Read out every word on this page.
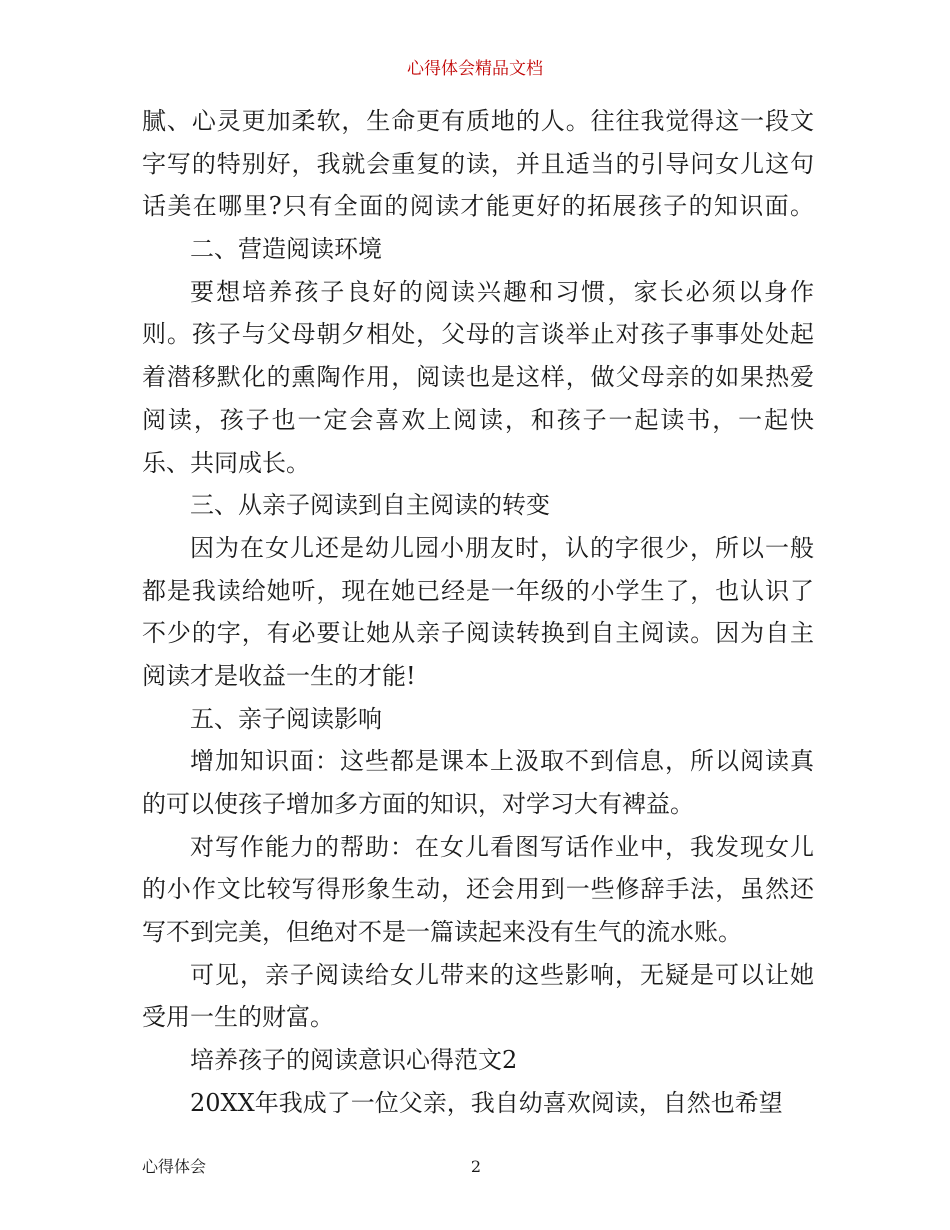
心得体会精品文档
腻、心灵更加柔软，生命更有质地的人。往往我觉得这一段文
字写的特别好，我就会重复的读，并且适当的引导问女儿这句
话美在哪里?只有全面的阅读才能更好的拓展孩子的知识面。
二、营造阅读环境
要想培养孩子良好的阅读兴趣和习惯，家长必须以身作
则。孩子与父母朝夕相处，父母的言谈举止对孩子事事处处起
着潜移默化的熏陶作用，阅读也是这样，做父母亲的如果热爱
阅读，孩子也一定会喜欢上阅读，和孩子一起读书，一起快
乐、共同成长。
三、从亲子阅读到自主阅读的转变
因为在女儿还是幼儿园小朋友时，认的字很少，所以一般
都是我读给她听，现在她已经是一年级的小学生了，也认识了
不少的字，有必要让她从亲子阅读转换到自主阅读。因为自主
阅读才是收益一生的才能!
五、亲子阅读影响
增加知识面：这些都是课本上汲取不到信息，所以阅读真
的可以使孩子增加多方面的知识，对学习大有裨益。
对写作能力的帮助：在女儿看图写话作业中，我发现女儿
的小作文比较写得形象生动，还会用到一些修辞手法，虽然还
写不到完美，但绝对不是一篇读起来没有生气的流水账。
可见，亲子阅读给女儿带来的这些影响，无疑是可以让她
受用一生的财富。
培养孩子的阅读意识心得范文2
20XX年我成了一位父亲，我自幼喜欢阅读，自然也希望
心得体会	2
